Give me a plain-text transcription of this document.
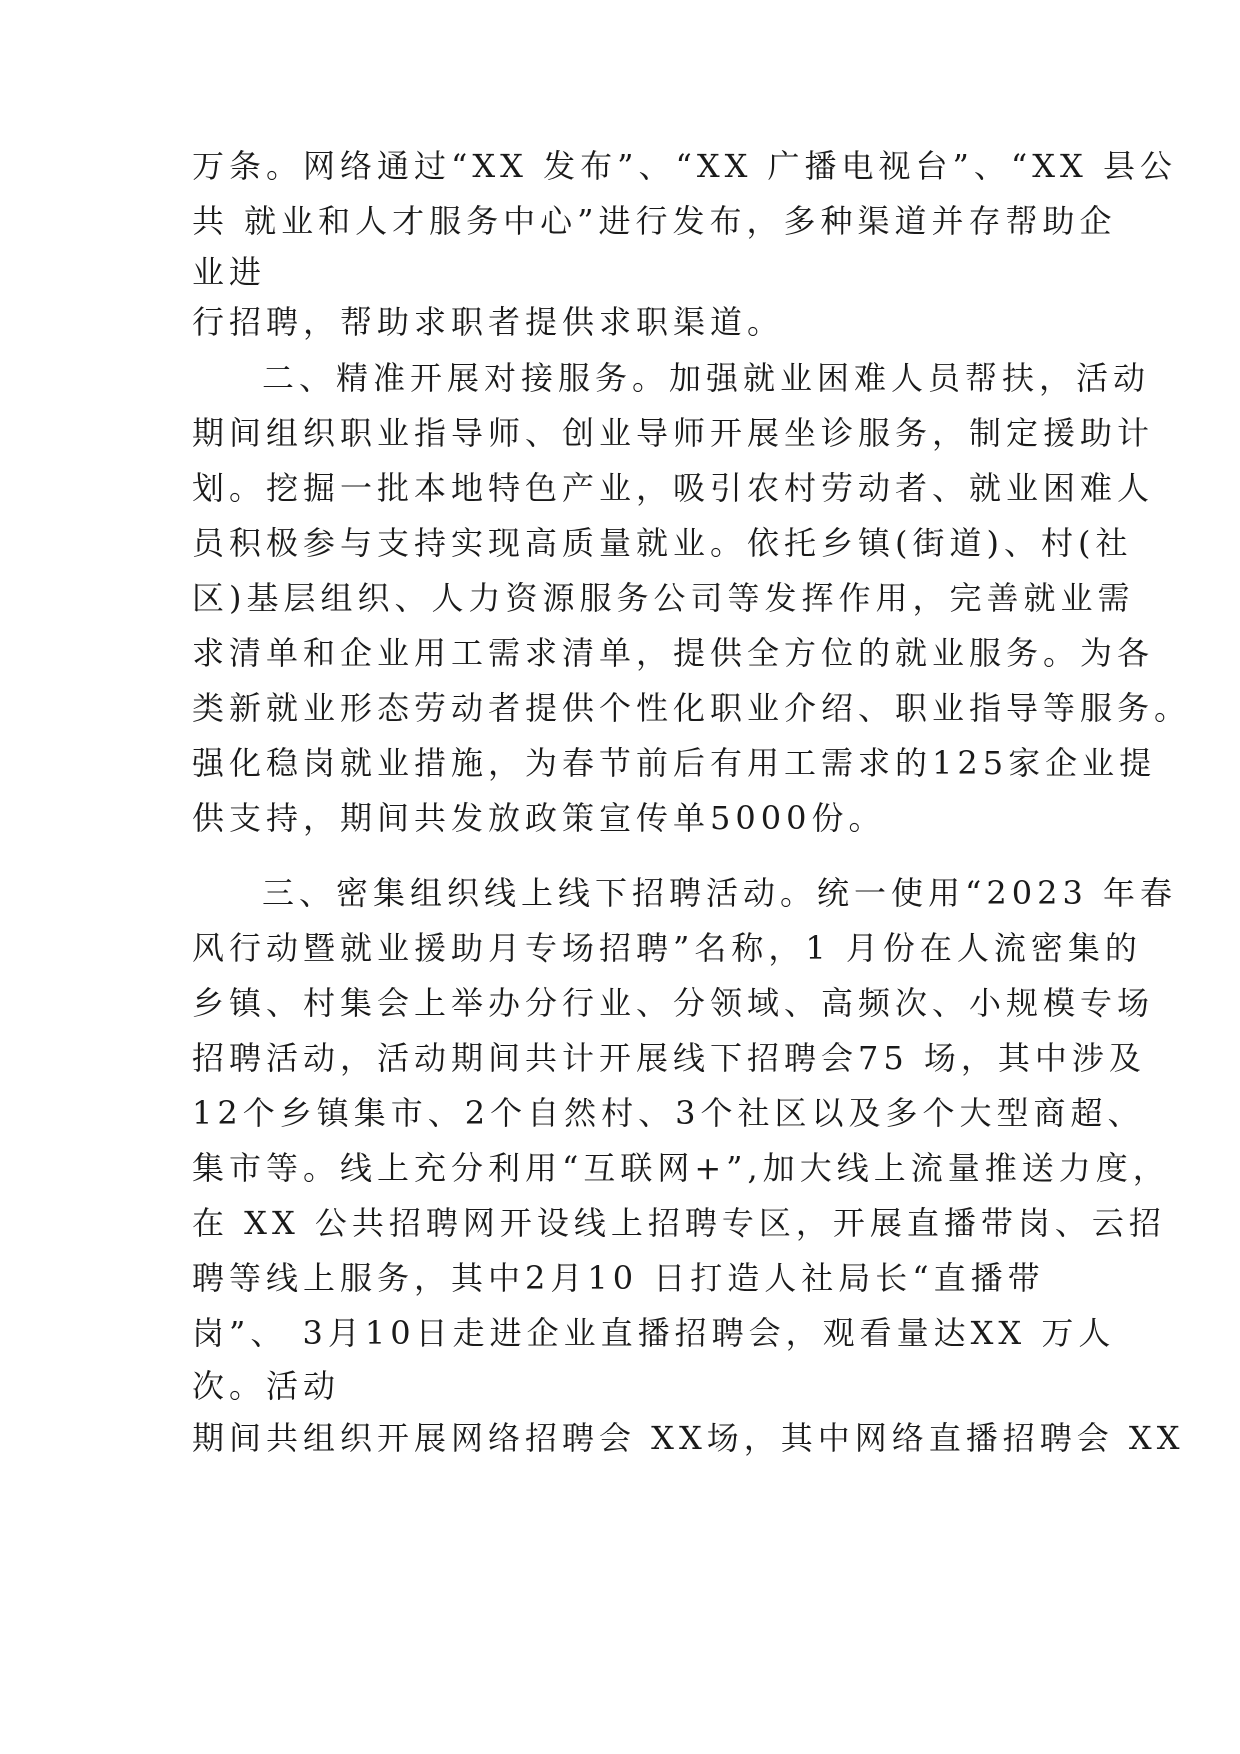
万条。网络通过“XX 发布”、“XX 广播电视台”、“XX 县公
共 就业和人才服务中心”进行发布，多种渠道并存帮助企
业进
行招聘，帮助求职者提供求职渠道。
二、精准开展对接服务。加强就业困难人员帮扶，活动
期间组织职业指导师、创业导师开展坐诊服务，制定援助计
划。挖掘一批本地特色产业，吸引农村劳动者、就业困难人
员积极参与支持实现高质量就业。依托乡镇(街道)、村(社
区)基层组织、人力资源服务公司等发挥作用，完善就业需
求清单和企业用工需求清单，提供全方位的就业服务。为各
类新就业形态劳动者提供个性化职业介绍、职业指导等服务。
强化稳岗就业措施，为春节前后有用工需求的125家企业提
供支持，期间共发放政策宣传单5000份。
三、密集组织线上线下招聘活动。统一使用“2023 年春
风行动暨就业援助月专场招聘”名称，1 月份在人流密集的
乡镇、村集会上举办分行业、分领域、高频次、小规模专场
招聘活动，活动期间共计开展线下招聘会75 场，其中涉及
12个乡镇集市、2个自然村、3个社区以及多个大型商超、
集市等。线上充分利用“互联网+”,加大线上流量推送力度，
在 XX 公共招聘网开设线上招聘专区，开展直播带岗、云招
聘等线上服务，其中2月10 日打造人社局长“直播带
岗”、 3月10日走进企业直播招聘会，观看量达XX 万人
次。活动
期间共组织开展网络招聘会 XX场，其中网络直播招聘会 XX
